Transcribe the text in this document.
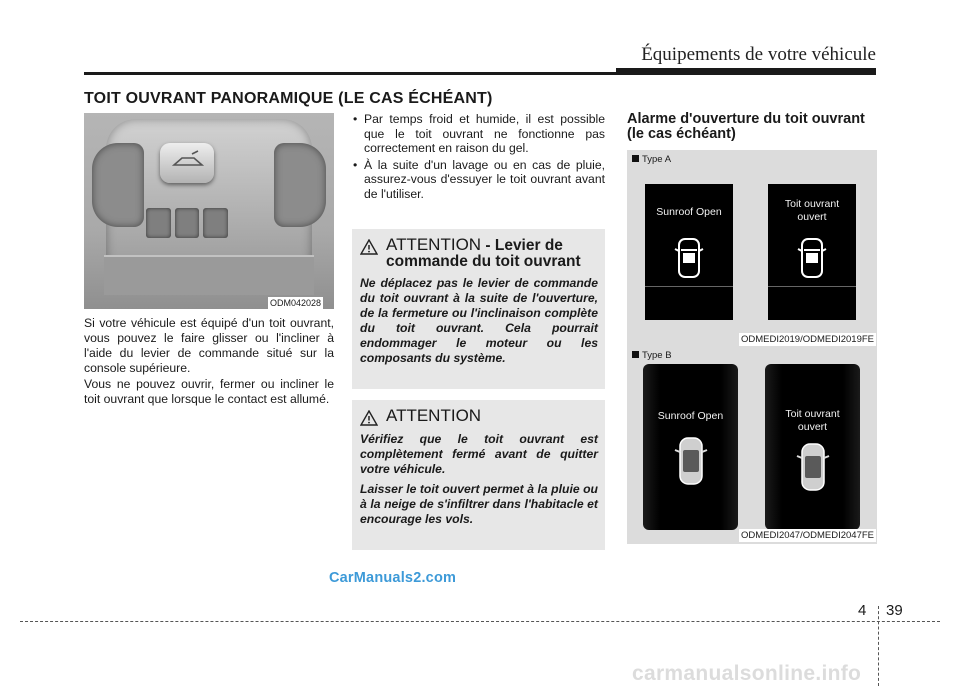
Équipements de votre véhicule
TOIT OUVRANT PANORAMIQUE (LE CAS ÉCHÉANT)
ODM042028

Si votre véhicule est équipé d'un toit ouvrant, vous pouvez le faire glisser ou l'incliner à l'aide du levier de commande situé sur la console supérieure.

Vous ne pouvez ouvrir, fermer ou incliner le toit ouvrant que lorsque le contact est allumé.

• Par temps froid et humide, il est possible que le toit ouvrant ne fonctionne pas correctement en raison du gel.
• À la suite d'un lavage ou en cas de pluie, assurez-vous d'essuyer le toit ouvrant avant de l'utiliser.
ATTENTION - Levier de commande du toit ouvrant
Ne déplacez pas le levier de commande du toit ouvrant à la suite de l'ouverture, de la fermeture ou l'inclinaison complète du toit ouvrant. Cela pourrait endommager le moteur ou les composants du système.
ATTENTION

Vérifiez que le toit ouvrant est complètement fermé avant de quitter votre véhicule.

Laisser le toit ouvert permet à la pluie ou à la neige de s'infiltrer dans l'habitacle et encourage les vols.

Alarme d'ouverture du toit ouvrant (le cas échéant)
Type A
Sunroof Open
Toit ouvrant
ouvert
ODMEDI2019/ODMEDI2019FE
Type B
Sunroof Open	Toit ouvrant
ouvert
ODMEDI2047/ODMEDI2047FE
CarManuals2.com
4 39
carmanualsonline.info
